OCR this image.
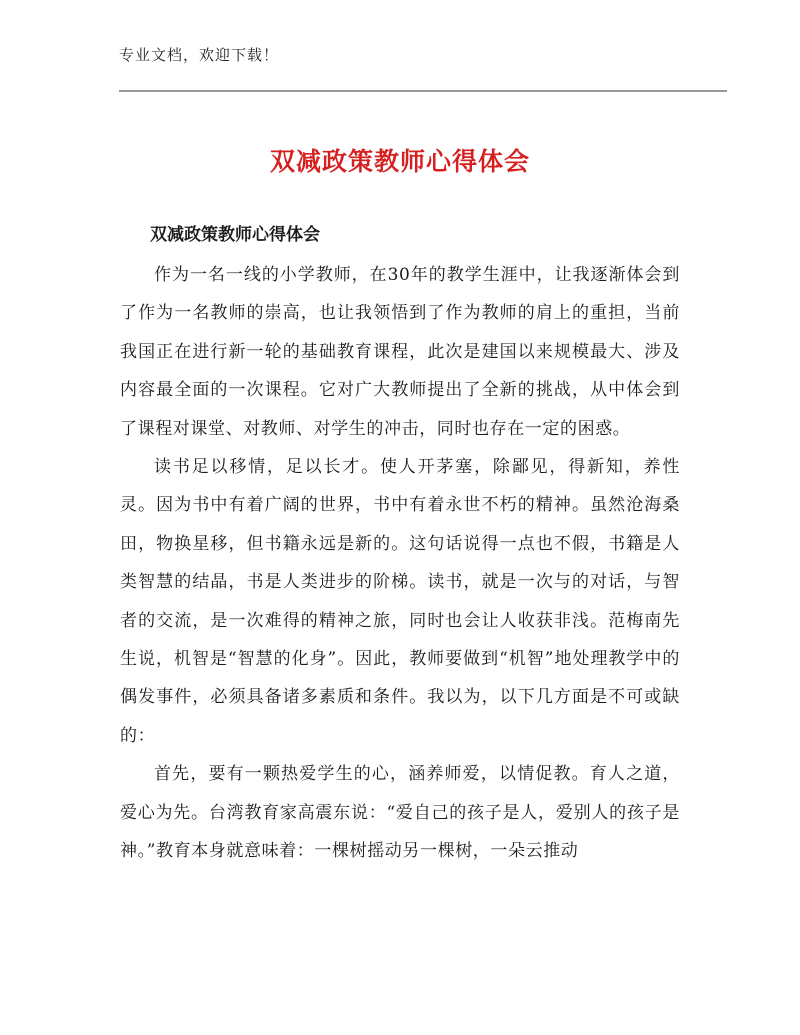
专业文档，欢迎下载！
双减政策教师心得体会
双减政策教师心得体会

作为一名一线的小学教师，在30年的教学生涯中，让我逐渐体会到了作为一名教师的崇高，也让我领悟到了作为教师的肩上的重担，当前我国正在进行新一轮的基础教育课程，此次是建国以来规模最大、涉及内容最全面的一次课程。它对广大教师提出了全新的挑战，从中体会到了课程对课堂、对教师、对学生的冲击，同时也存在一定的困惑。

读书足以移情，足以长才。使人开茅塞，除鄙见，得新知，养性灵。因为书中有着广阔的世界，书中有着永世不朽的精神。虽然沧海桑田，物换星移，但书籍永远是新的。这句话说得一点也不假，书籍是人类智慧的结晶，书是人类进步的阶梯。读书，就是一次与的对话，与智者的交流，是一次难得的精神之旅，同时也会让人收获非浅。范梅南先生说，机智是“智慧的化身”。因此，教师要做到“机智”地处理教学中的偶发事件，必须具备诸多素质和条件。我以为，以下几方面是不可或缺的：

首先，要有一颗热爱学生的心，涵养师爱，以情促教。育人之道，爱心为先。台湾教育家高震东说：“爱自己的孩子是人，爱别人的孩子是神。”教育本身就意味着：一棵树摇动另一棵树，一朵云推动
